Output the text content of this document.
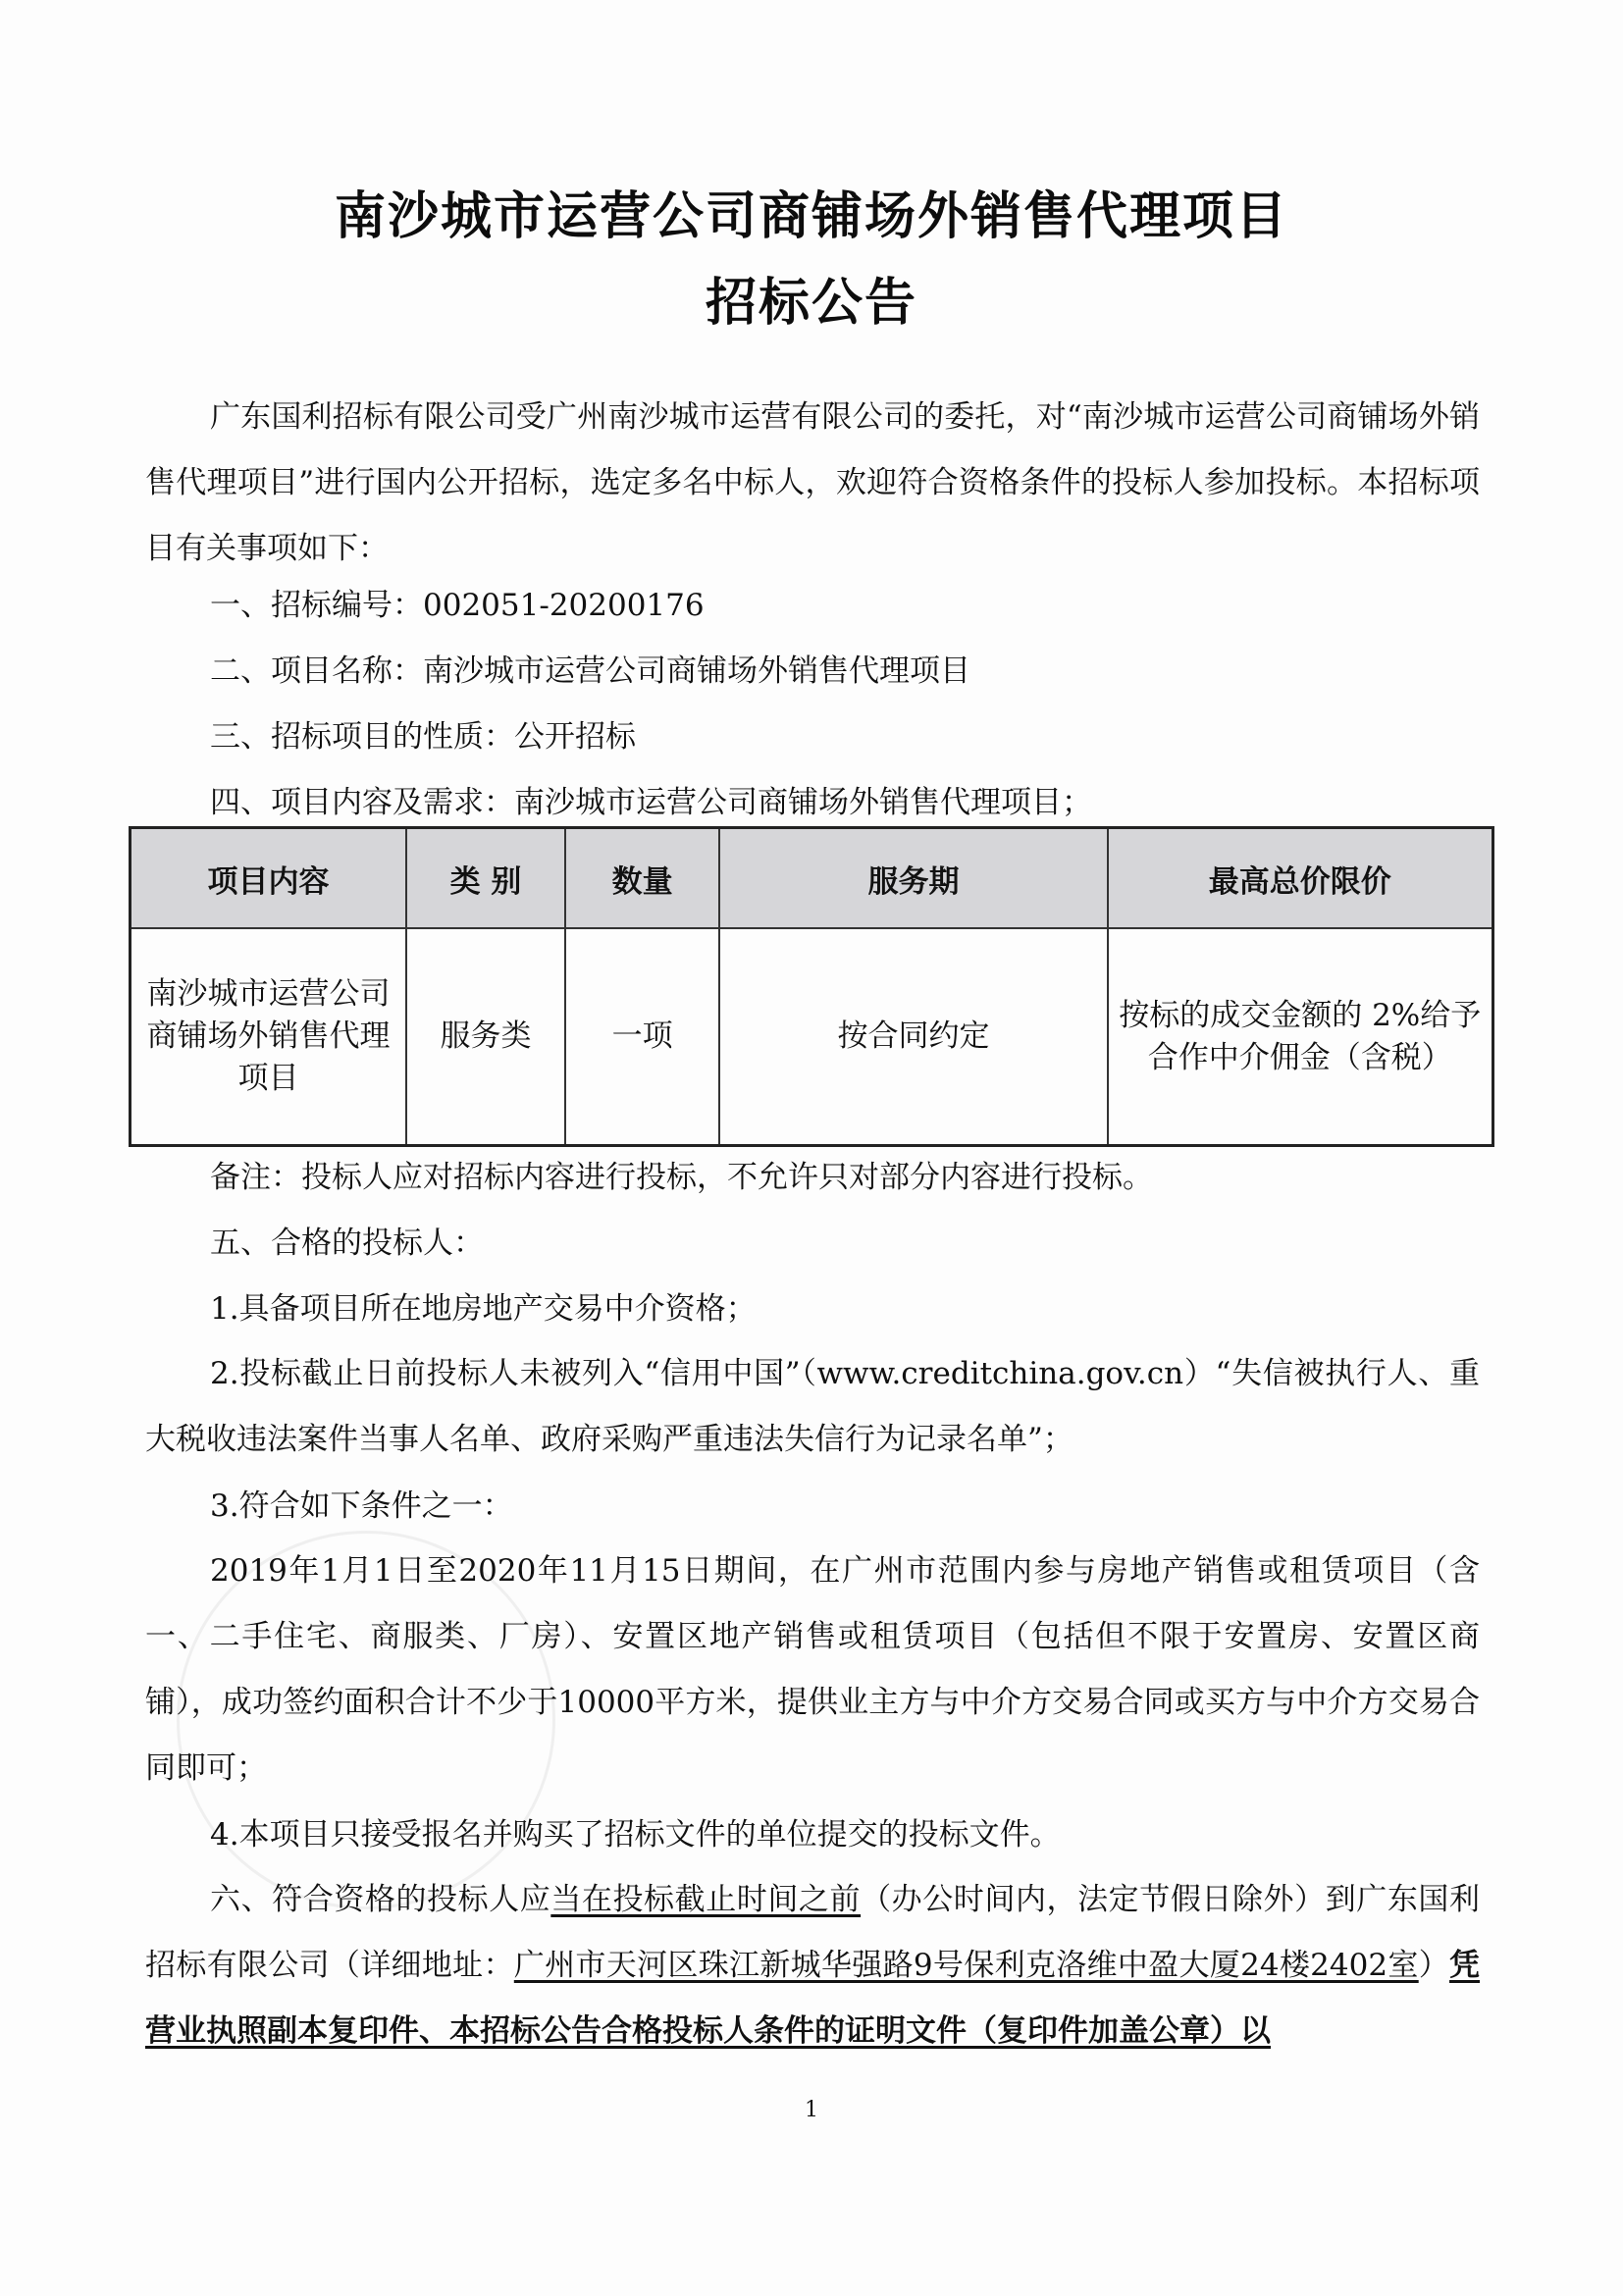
南沙城市运营公司商铺场外销售代理项目
招标公告

广东国利招标有限公司受广州南沙城市运营有限公司的委托，对“南沙城市运营公司商铺场外销售代理项目”进行国内公开招标，选定多名中标人，欢迎符合资格条件的投标人参加投标。本招标项目有关事项如下：

一、招标编号：002051-20200176
二、项目名称：南沙城市运营公司商铺场外销售代理项目
三、招标项目的性质：公开招标
四、项目内容及需求：南沙城市运营公司商铺场外销售代理项目；
项目内容	类 别	数量	服务期	最高总价限价
南沙城市运营公司商铺场外销售代理项目	服务类	一项	按合同约定	按标的成交金额的 2%给予合作中介佣金（含税）
备注：投标人应对招标内容进行投标，不允许只对部分内容进行投标。
五、合格的投标人：
1.具备项目所在地房地产交易中介资格；

2.投标截止日前投标人未被列入“信用中国”（www.creditchina.gov.cn）“失信被执行人、重大税收违法案件当事人名单、政府采购严重违法失信行为记录名单”；

3.符合如下条件之一：

2019年1月1日至2020年11月15日期间，在广州市范围内参与房地产销售或租赁项目（含一、二手住宅、商服类、厂房）、安置区地产销售或租赁项目（包括但不限于安置房、安置区商铺），成功签约面积合计不少于10000平方米，提供业主方与中介方交易合同或买方与中介方交易合同即可；

4.本项目只接受报名并购买了招标文件的单位提交的投标文件。

六、符合资格的投标人应当在投标截止时间之前（办公时间内，法定节假日除外）到广东国利招标有限公司（详细地址：广州市天河区珠江新城华强路9号保利克洛维中盈大厦24楼2402室）凭营业执照副本复印件、本招标公告合格投标人条件的证明文件（复印件加盖公章）以

1
